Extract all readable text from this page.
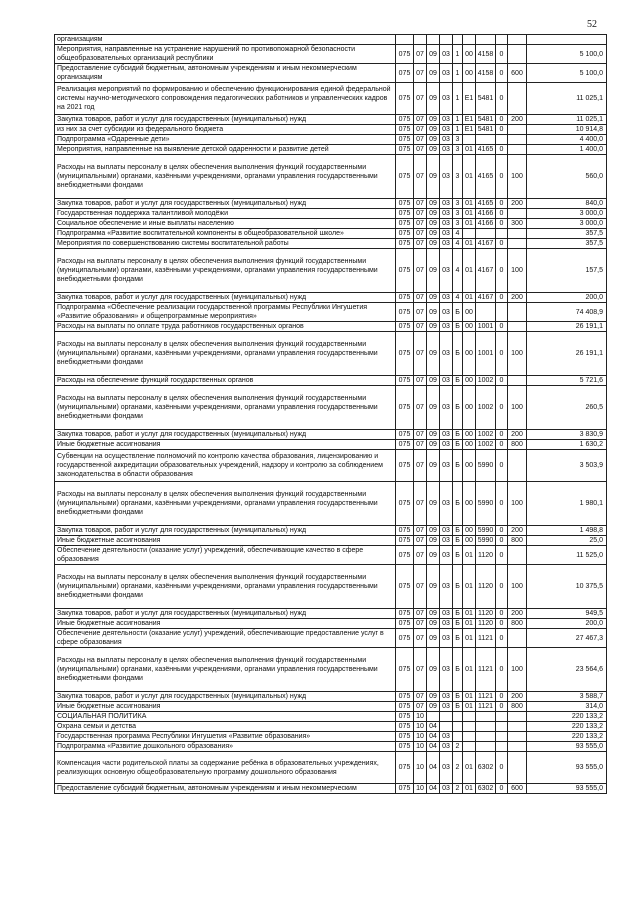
52
организациям										
Мероприятия, направленные на устранение нарушений по противопожарной безопасности общеобразовательных организаций республики	075	07	09	03	1	00	4158	0		5 100,0
Предоставление субсидий бюджетным, автономным учреждениям и иным некоммерческим организациям	075	07	09	03	1	00	4158	0	600	5 100,0
Реализация мероприятий по формированию и обеспечению функционирования единой федеральной системы научно-методического сопровождения педагогических работников и управленческих кадров на 2021 год	075	07	09	03	1	E1	5481	0		11 025,1
Закупка товаров, работ и услуг для государственных (муниципальных) нужд	075	07	09	03	1	E1	5481	0	200	11 025,1
из них за счет субсидии из федерального бюджета	075	07	09	03	1	E1	5481	0		10 914,8
Подпрограмма «Одаренные дети»	075	07	09	03	3					4 400,0
Мероприятия, направленные на выявление детской одаренности и развитие детей	075	07	09	03	3	01	4165	0		1 400,0
Расходы на выплаты персоналу в целях обеспечения выполнения функций государственными (муниципальными) органами, казёнными учреждениями, органами управления государственными внебюджетными фондами	075	07	09	03	3	01	4165	0	100	560,0
Закупка товаров, работ и услуг для государственных (муниципальных) нужд	075	07	09	03	3	01	4165	0	200	840,0
Государственная поддержка талантливой молодёжи	075	07	09	03	3	01	4166	0		3 000,0
Социальное обеспечение и иные выплаты населению	075	07	09	03	3	01	4166	0	300	3 000,0
Подпрограмма «Развитие воспитательной компоненты в общеобразовательной школе»	075	07	09	03	4					357,5
Мероприятия по совершенствованию системы воспитательной работы	075	07	09	03	4	01	4167	0		357,5
Расходы на выплаты персоналу в целях обеспечения выполнения функций государственными (муниципальными) органами, казёнными учреждениями, органами управления государственными внебюджетными фондами	075	07	09	03	4	01	4167	0	100	157,5
Закупка товаров, работ и услуг для государственных (муниципальных) нужд	075	07	09	03	4	01	4167	0	200	200,0
Подпрограмма «Обеспечение реализации государственной программы Республики Ингушетия «Развитие образования» и общепрограммные мероприятия»	075	07	09	03	Б	00				74 408,9
Расходы на выплаты по оплате труда работников государственных органов	075	07	09	03	Б	00	1001	0		26 191,1
Расходы на выплаты персоналу в целях обеспечения выполнения функций государственными (муниципальными) органами, казёнными учреждениями, органами управления государственными внебюджетными фондами	075	07	09	03	Б	00	1001	0	100	26 191,1
Расходы на обеспечение функций государственных органов	075	07	09	03	Б	00	1002	0		5 721,6
Расходы на выплаты персоналу в целях обеспечения выполнения функций государственными (муниципальными) органами, казёнными учреждениями, органами управления государственными внебюджетными фондами	075	07	09	03	Б	00	1002	0	100	260,5
Закупка товаров, работ и услуг для государственных (муниципальных) нужд	075	07	09	03	Б	00	1002	0	200	3 830,9
Иные бюджетные ассигнования	075	07	09	03	Б	00	1002	0	800	1 630,2
Субвенции на осуществление полномочий по контролю качества образования, лицензированию и государственной аккредитации образовательных учреждений, надзору и контролю за соблюдением законодательства в области образования	075	07	09	03	Б	00	5990	0		3 503,9
Расходы на выплаты персоналу в целях обеспечения выполнения функций государственными (муниципальными) органами, казёнными учреждениями, органами управления государственными внебюджетными фондами	075	07	09	03	Б	00	5990	0	100	1 980,1
Закупка товаров, работ и услуг для государственных (муниципальных) нужд	075	07	09	03	Б	00	5990	0	200	1 498,8
Иные бюджетные ассигнования	075	07	09	03	Б	00	5990	0	800	25,0
Обеспечение деятельности (оказание услуг) учреждений, обеспечивающие качество в сфере образования	075	07	09	03	Б	01	1120	0		11 525,0
Расходы на выплаты персоналу в целях обеспечения выполнения функций государственными (муниципальными) органами, казёнными учреждениями, органами управления государственными внебюджетными фондами	075	07	09	03	Б	01	1120	0	100	10 375,5
Закупка товаров, работ и услуг для государственных (муниципальных) нужд	075	07	09	03	Б	01	1120	0	200	949,5
Иные бюджетные ассигнования	075	07	09	03	Б	01	1120	0	800	200,0
Обеспечение деятельности (оказание услуг) учреждений, обеспечивающие предоставление услуг в сфере образования	075	07	09	03	Б	01	1121	0		27 467,3
Расходы на выплаты персоналу в целях обеспечения выполнения функций государственными (муниципальными) органами, казёнными учреждениями, органами управления государственными внебюджетными фондами	075	07	09	03	Б	01	1121	0	100	23 564,6
Закупка товаров, работ и услуг для государственных (муниципальных) нужд	075	07	09	03	Б	01	1121	0	200	3 588,7
Иные бюджетные ассигнования	075	07	09	03	Б	01	1121	0	800	314,0
СОЦИАЛЬНАЯ ПОЛИТИКА	075	10								220 133,2
Охрана семьи и детства	075	10	04							220 133,2
Государственная программа Республики Ингушетия «Развитие образования»	075	10	04	03						220 133,2
Подпрограмма «Развитие дошкольного образования»	075	10	04	03	2					93 555,0
Компенсация части родительской платы за содержание ребёнка в образовательных учреждениях, реализующих основную общеобразовательную программу дошкольного образования	075	10	04	03	2	01	6302	0		93 555,0
Предоставление субсидий бюджетным, автономным учреждениям и иным некоммерческим	075	10	04	03	2	01	6302	0	600	93 555,0
